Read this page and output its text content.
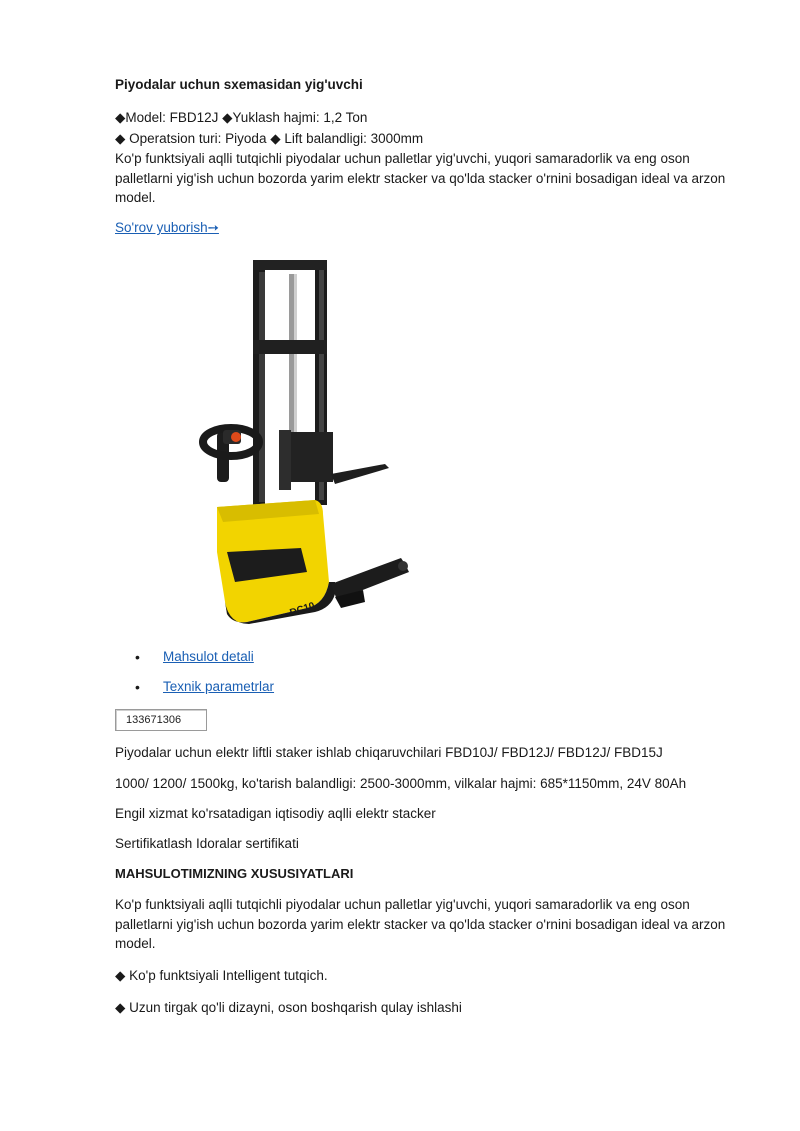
Piyodalar uchun sxemasidan yig'uvchi
◆Model: FBD12J ◆Yuklash hajmi: 1,2 Ton
◆ Operatsion turi: Piyoda ◆ Lift balandligi: 3000mm
Ko'p funktsiyali aqlli tutqichli piyodalar uchun palletlar yig'uvchi, yuqori samaradorlik va eng oson palletlarni yig'ish uchun bozorda yarim elektr stacker va qo'lda stacker o'rnini bosadigan ideal va arzon model.
So'rov yuborish➙
DC10
• Mahsulot detali
• Texnik parametrlar
133671306
Piyodalar uchun elektr liftli staker ishlab chiqaruvchilari FBD10J/ FBD12J/ FBD12J/ FBD15J
1000/ 1200/ 1500kg, ko'tarish balandligi: 2500-3000mm, vilkalar hajmi: 685*1150mm, 24V 80Ah
Engil xizmat ko'rsatadigan iqtisodiy aqlli elektr stacker
Sertifikatlash Idoralar sertifikati
MAHSULOTIMIZNING XUSUSIYATLARI
Ko'p funktsiyali aqlli tutqichli piyodalar uchun palletlar yig'uvchi, yuqori samaradorlik va eng oson palletlarni yig'ish uchun bozorda yarim elektr stacker va qo'lda stacker o'rnini bosadigan ideal va arzon model.
◆ Ko'p funktsiyali Intelligent tutqich.
◆ Uzun tirgak qo'li dizayni, oson boshqarish qulay ishlashi
